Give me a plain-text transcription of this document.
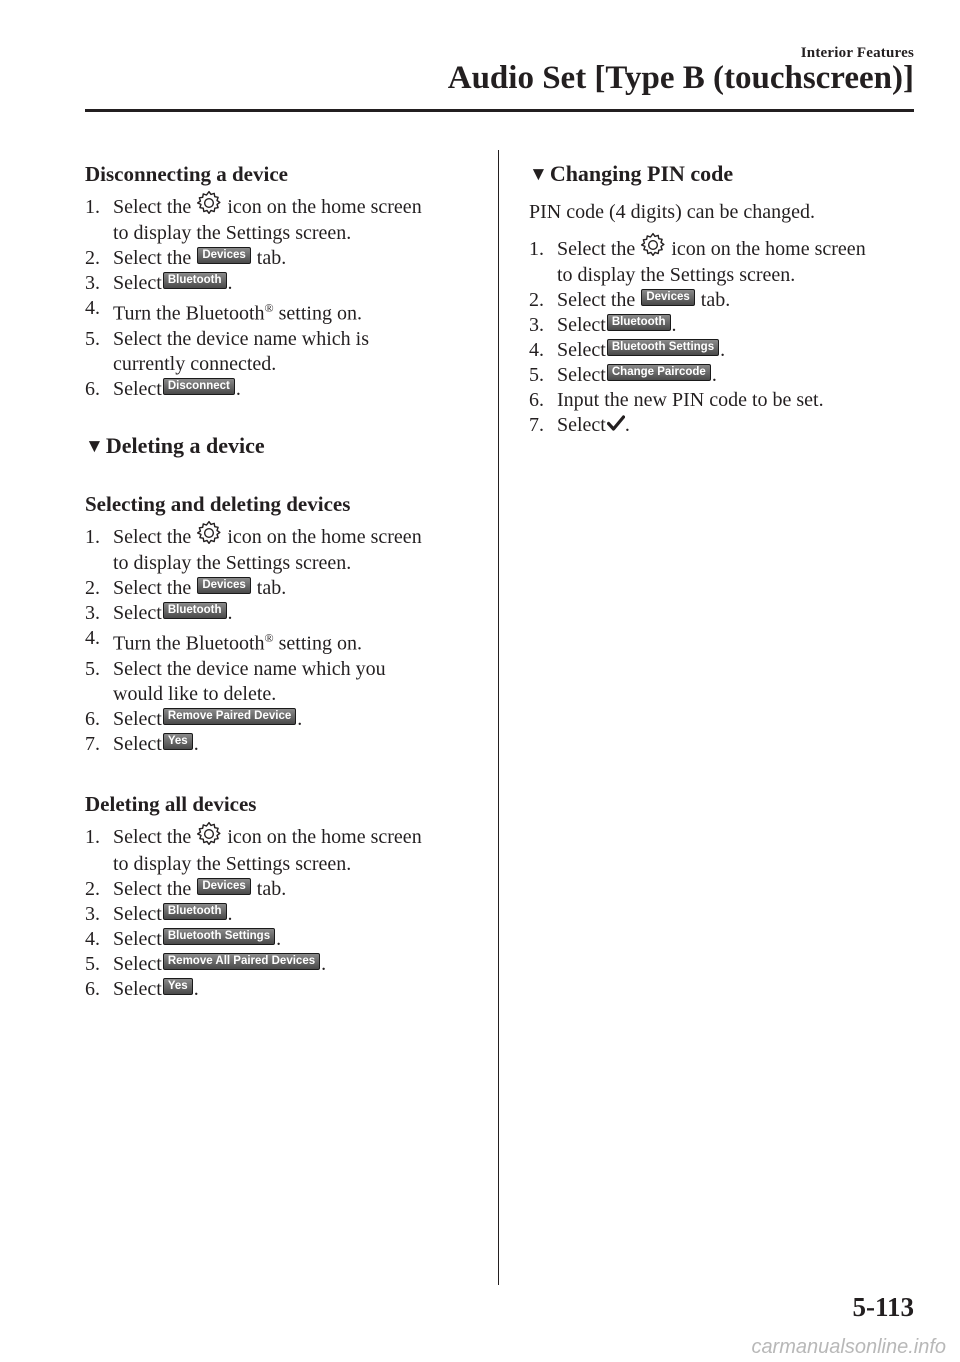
Interior Features
Audio Set [Type B (touchscreen)]
Disconnecting a device
1. Select the icon on the home screen
to display the Settings screen.
2. Select the Devices tab.
3. Select Bluetooth .
4. Turn the Bluetooth® setting on.
5. Select the device name which is
currently connected.
6. Select Disconnect .
▼Deleting a device
Selecting and deleting devices
1. Select the icon on the home screen
to display the Settings screen.
2. Select the Devices tab.
3. Select Bluetooth .
4. Turn the Bluetooth® setting on.
5. Select the device name which you
would like to delete.
6. Select Remove Paired Device .
7. Select Yes .
Deleting all devices
1. Select the icon on the home screen
to display the Settings screen.
2. Select the Devices tab.
3. Select Bluetooth .
4. Select Bluetooth Settings .
5. Select Remove All Paired Devices .
6. Select Yes .
▼Changing PIN code
PIN code (4 digits) can be changed.
1. Select the icon on the home screen
to display the Settings screen.
2. Select the Devices tab.
3. Select Bluetooth .
4. Select Bluetooth Settings .
5. Select Change Paircode .
6. Input the new PIN code to be set.
7. Select .
5-113
carmanualsonline.info
